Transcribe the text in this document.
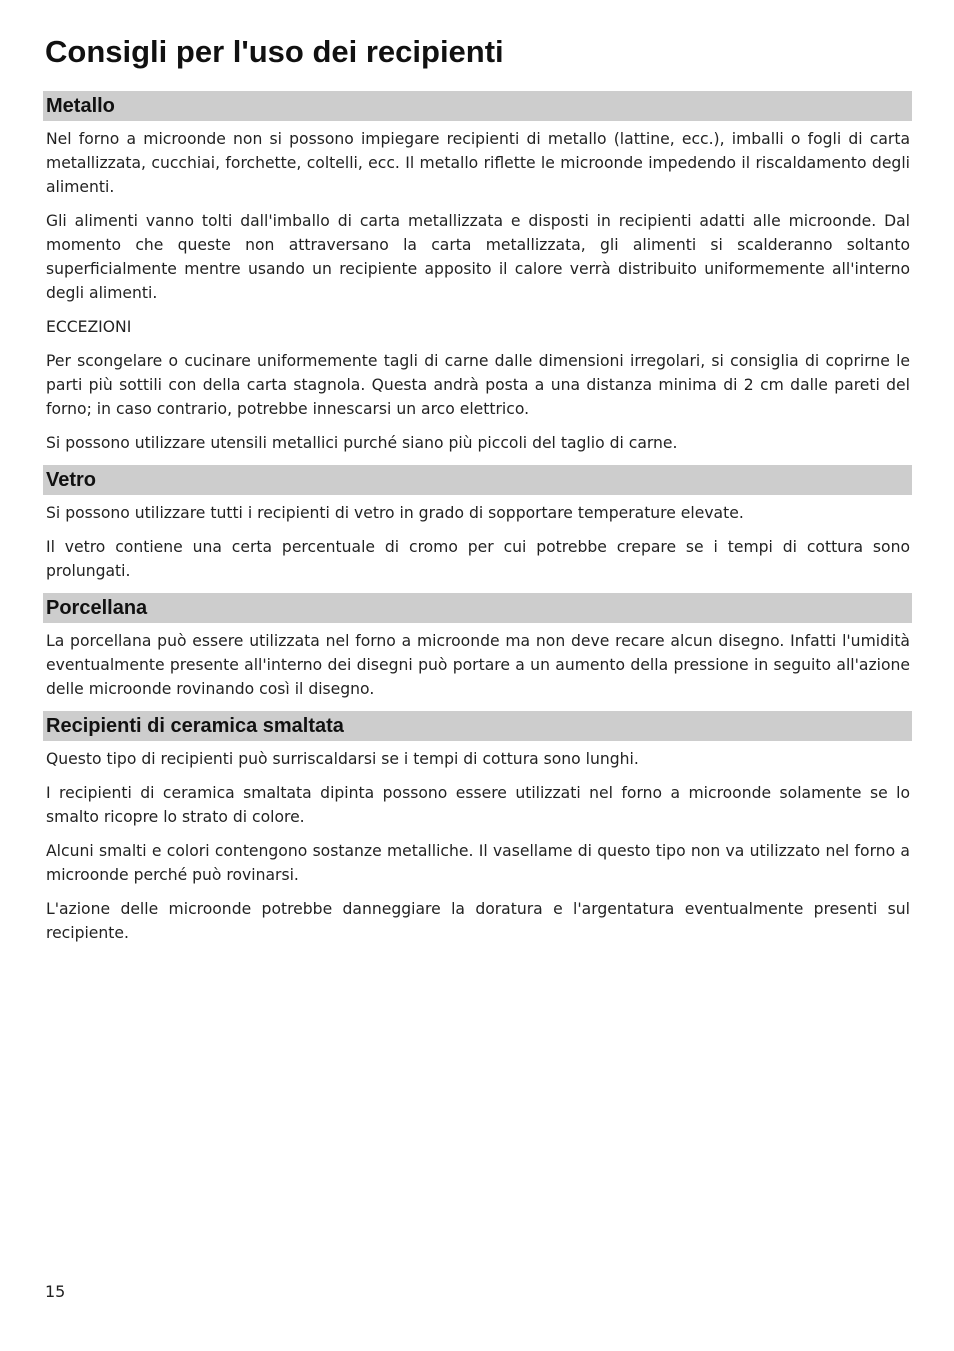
Consigli per l'uso dei recipienti
Metallo

Nel forno a microonde non si possono impiegare recipienti di metallo (lattine, ecc.), imballi o fogli di carta metallizzata, cucchiai, forchette, coltelli, ecc. Il metallo riflette le microonde impedendo il riscaldamento degli alimenti.

Gli alimenti vanno tolti dall'imballo di carta metallizzata e disposti in recipienti adatti alle microonde. Dal momento che queste non attraversano la carta metallizzata, gli alimenti si scalderanno soltanto superficialmente mentre usando un recipiente apposito il calore verrà distribuito uniformemente all'interno degli alimenti.

ECCEZIONI

Per scongelare o cucinare uniformemente tagli di carne dalle dimensioni irregolari, si consiglia di coprirne le parti più sottili con della carta stagnola. Questa andrà posta a una distanza minima di 2 cm dalle pareti del forno; in caso contrario, potrebbe innescarsi un arco elettrico.

Si possono utilizzare utensili metallici purché siano più piccoli del taglio di carne.

Vetro

Si possono utilizzare tutti i recipienti di vetro in grado di sopportare temperature elevate.

Il vetro contiene una certa percentuale di cromo per cui potrebbe crepare se i tempi di cottura sono prolungati.

Porcellana

La porcellana può essere utilizzata nel forno a microonde ma non deve recare alcun disegno. Infatti l'umidità eventualmente presente all'interno dei disegni può portare a un aumento della pressione in seguito all'azione delle microonde rovinando così il disegno.

Recipienti di ceramica smaltata

Questo tipo di recipienti può surriscaldarsi se i tempi di cottura sono lunghi.

I recipienti di ceramica smaltata dipinta possono essere utilizzati nel forno a microonde solamente se lo smalto ricopre lo strato di colore.

Alcuni smalti e colori contengono sostanze metalliche. Il vasellame di questo tipo non va utilizzato nel forno a microonde perché può rovinarsi.

L'azione delle microonde potrebbe danneggiare la doratura e l'argentatura eventualmente presenti sul recipiente.

15
